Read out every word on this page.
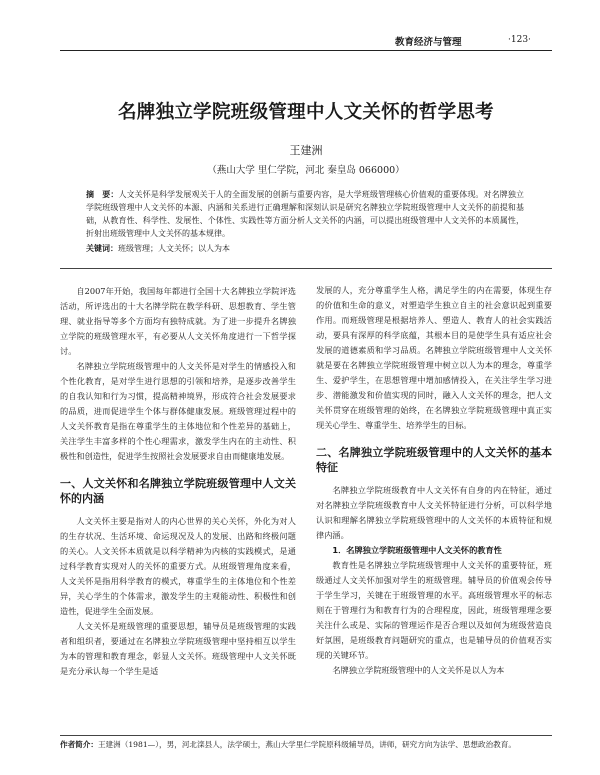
教育经济与管理	·123·
名牌独立学院班级管理中人文关怀的哲学思考
王建洲
（燕山大学 里仁学院，河北 秦皇岛 066000）
摘　要：人文关怀是科学发展观关于人的全面发展的创新与重要内容，是大学班级管理核心价值观的重要体现。对名牌独立学院班级管理中人文关怀的本源、内涵和关系进行正确理解和深刻认识是研究名牌独立学院班级管理中人文关怀的前提和基础，从教育性、科学性、发展性、个体性、实践性等方面分析人文关怀的内涵，可以提出班级管理中人文关怀的本质属性，折射出班级管理中人文关怀的基本规律。
关键词：班级管理；人文关怀；以人为本

自2007年开始，我国每年都进行全国十大名牌独立学院评选活动，所评选出的十大名牌学院在教学科研、思想教育、学生管理、就业指导等多个方面均有独特成就。为了进一步提升名牌独立学院的班级管理水平，有必要从人文关怀角度进行一下哲学探讨。

名牌独立学院班级管理中的人文关怀是对学生的情感投入和个性化教育，是对学生进行思想的引领和培养，是逐步改善学生的自我认知和行为习惯，提高精神境界，形成符合社会发展要求的品质，进而促进学生个体与群体健康发展。班级管理过程中的人文关怀教育是指在尊重学生的主体地位和个性差异的基础上，关注学生丰富多样的个性心理需求，激发学生内在的主动性、积极性和创造性，促进学生按照社会发展要求自由而健康地发展。

一、人文关怀和名牌独立学院班级管理中人文关怀的内涵

人文关怀主要是指对人的内心世界的关心关怀，外化为对人的生存状况、生活环境、命运现况及人的发展、出路和终极问题的关心。人文关怀本质就是以科学精神为内核的实践模式，是通过科学教育实现对人的关怀的重要方式。从班级管理角度来看，人文关怀是指用科学教育的模式，尊重学生的主体地位和个性差异，关心学生的个体需求，激发学生的主观能动性、积极性和创造性，促进学生全面发展。

人文关怀是班级管理的重要思想，辅导员是班级管理的实践者和组织者，要通过在名牌独立学院班级管理中坚持相互以学生为本的管理和教育理念，彰显人文关怀。班级管理中人文关怀既是充分承认每一个学生是适

发展的人，充分尊重学生人格，满足学生的内在需要，体现生存的价值和生命的意义，对塑造学生独立自主的社会意识起到重要作用。而班级管理是根据培养人、塑造人、教育人的社会实践活动，要具有深厚的科学底蕴，其根本目的是使学生具有适应社会发展的道德素质和学习品质。名牌独立学院班级管理中人文关怀就是要在名牌独立学院班级管理中树立以人为本的理念，尊重学生、爱护学生，在思想管理中增加感情投入，在关注学生学习进步、潜能激发和价值实现的同时，融入人文关怀的理念，把人文关怀贯穿在班级管理的始终，在名牌独立学院班级管理中真正实现关心学生、尊重学生、培养学生的目标。

二、名牌独立学院班级管理中的人文关怀的基本特征

名牌独立学院班级教育中人文关怀有自身的内在特征，通过对名牌独立学院班级教育中人文关怀特征进行分析，可以科学地认识和理解名牌独立学院班级管理中的人文关怀的本质特征和规律内涵。

1．名牌独立学院班级管理中人文关怀的教育性

教育性是名牌独立学院班级管理中人文关怀的重要特征，班级通过人文关怀加强对学生的班级管理。辅导员的价值观会传导于学生学习，关键在于班级管理的水平。高班级管理水平的标志则在于管理行为和教育行为的合理程度，因此，班级管理理念要关注什么或是、实际的管理运作是否合理以及如何为班级营造良好氛围，是班级教育问题研究的重点，也是辅导员的价值观否实现的关键环节。

名牌独立学院班级管理中的人文关怀是以人为本

作者简介：王建洲（1981—），男，河北滦县人，法学硕士，燕山大学里仁学院原科级辅导员，讲师，研究方向为法学、思想政治教育。
